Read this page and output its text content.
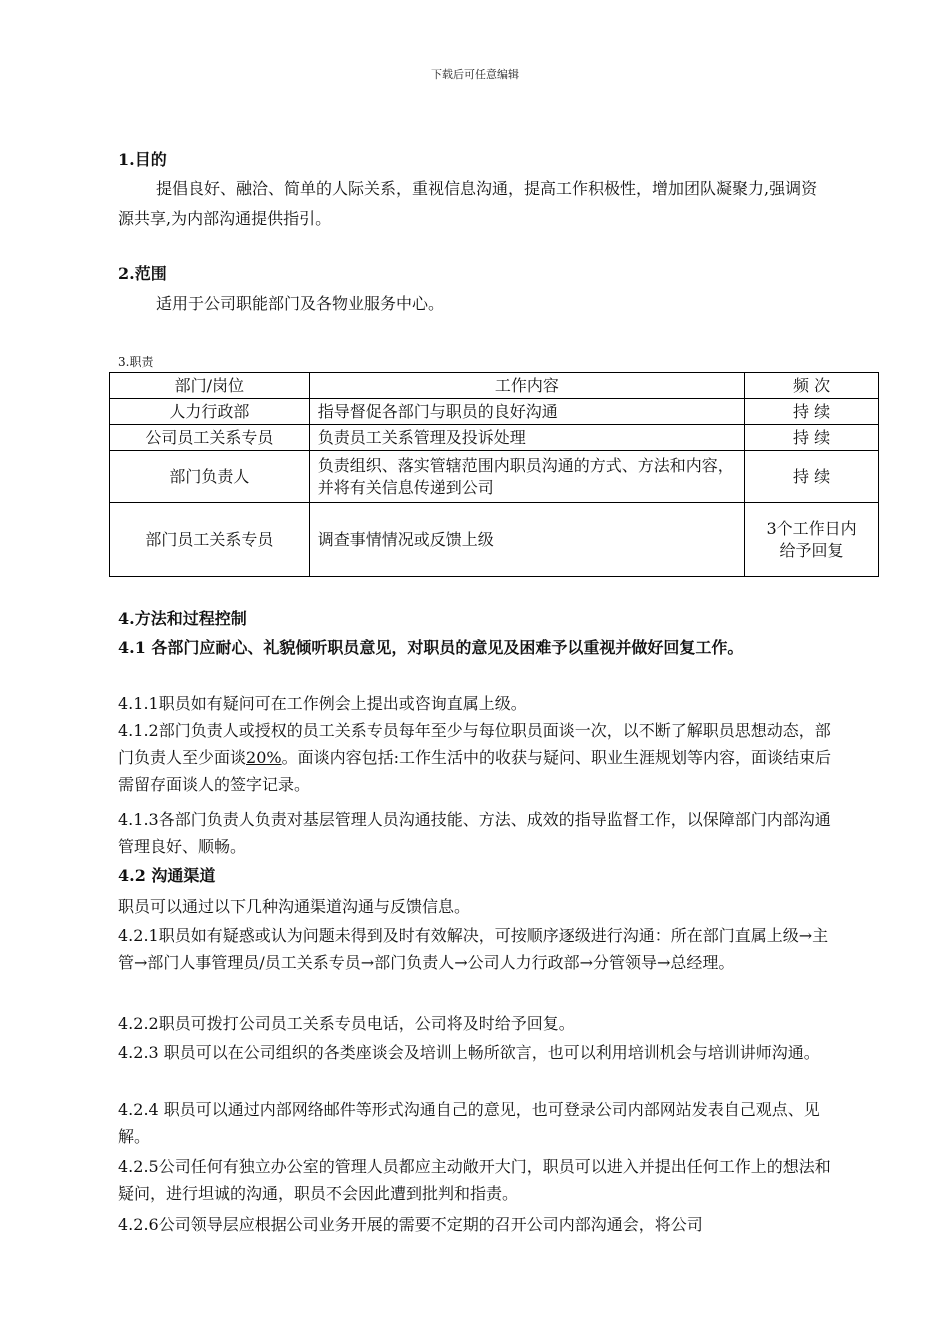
下载后可任意编辑
1.目的
提倡良好、融洽、简单的人际关系，重视信息沟通，提高工作积极性，增加团队凝聚力,强调资源共享,为内部沟通提供指引。
2.范围
适用于公司职能部门及各物业服务中心。
3.职责
部门/岗位	工作内容	频 次
人力行政部	指导督促各部门与职员的良好沟通	持 续
公司员工关系专员	负责员工关系管理及投诉处理	持 续
部门负责人	负责组织、落实管辖范围内职员沟通的方式、方法和内容，并将有关信息传递到公司	持 续
部门员工关系专员	调查事情情况或反馈上级	3个工作日内给予回复
4.方法和过程控制
4.1 各部门应耐心、礼貌倾听职员意见，对职员的意见及困难予以重视并做好回复工作。
4.1.1职员如有疑问可在工作例会上提出或咨询直属上级。
4.1.2部门负责人或授权的员工关系专员每年至少与每位职员面谈一次，以不断了解职员思想动态，部门负责人至少面谈20%。面谈内容包括:工作生活中的收获与疑问、职业生涯规划等内容，面谈结束后需留存面谈人的签字记录。
4.1.3各部门负责人负责对基层管理人员沟通技能、方法、成效的指导监督工作，以保障部门内部沟通管理良好、顺畅。
4.2 沟通渠道
职员可以通过以下几种沟通渠道沟通与反馈信息。
4.2.1职员如有疑惑或认为问题未得到及时有效解决，可按顺序逐级进行沟通：所在部门直属上级→主管→部门人事管理员/员工关系专员→部门负责人→公司人力行政部→分管领导→总经理。
4.2.2职员可拨打公司员工关系专员电话，公司将及时给予回复。
4.2.3 职员可以在公司组织的各类座谈会及培训上畅所欲言，也可以利用培训机会与培训讲师沟通。
4.2.4 职员可以通过内部网络邮件等形式沟通自己的意见，也可登录公司内部网站发表自己观点、见解。
4.2.5公司任何有独立办公室的管理人员都应主动敞开大门，职员可以进入并提出任何工作上的想法和疑问，进行坦诚的沟通，职员不会因此遭到批判和指责。
4.2.6公司领导层应根据公司业务开展的需要不定期的召开公司内部沟通会，将公司
